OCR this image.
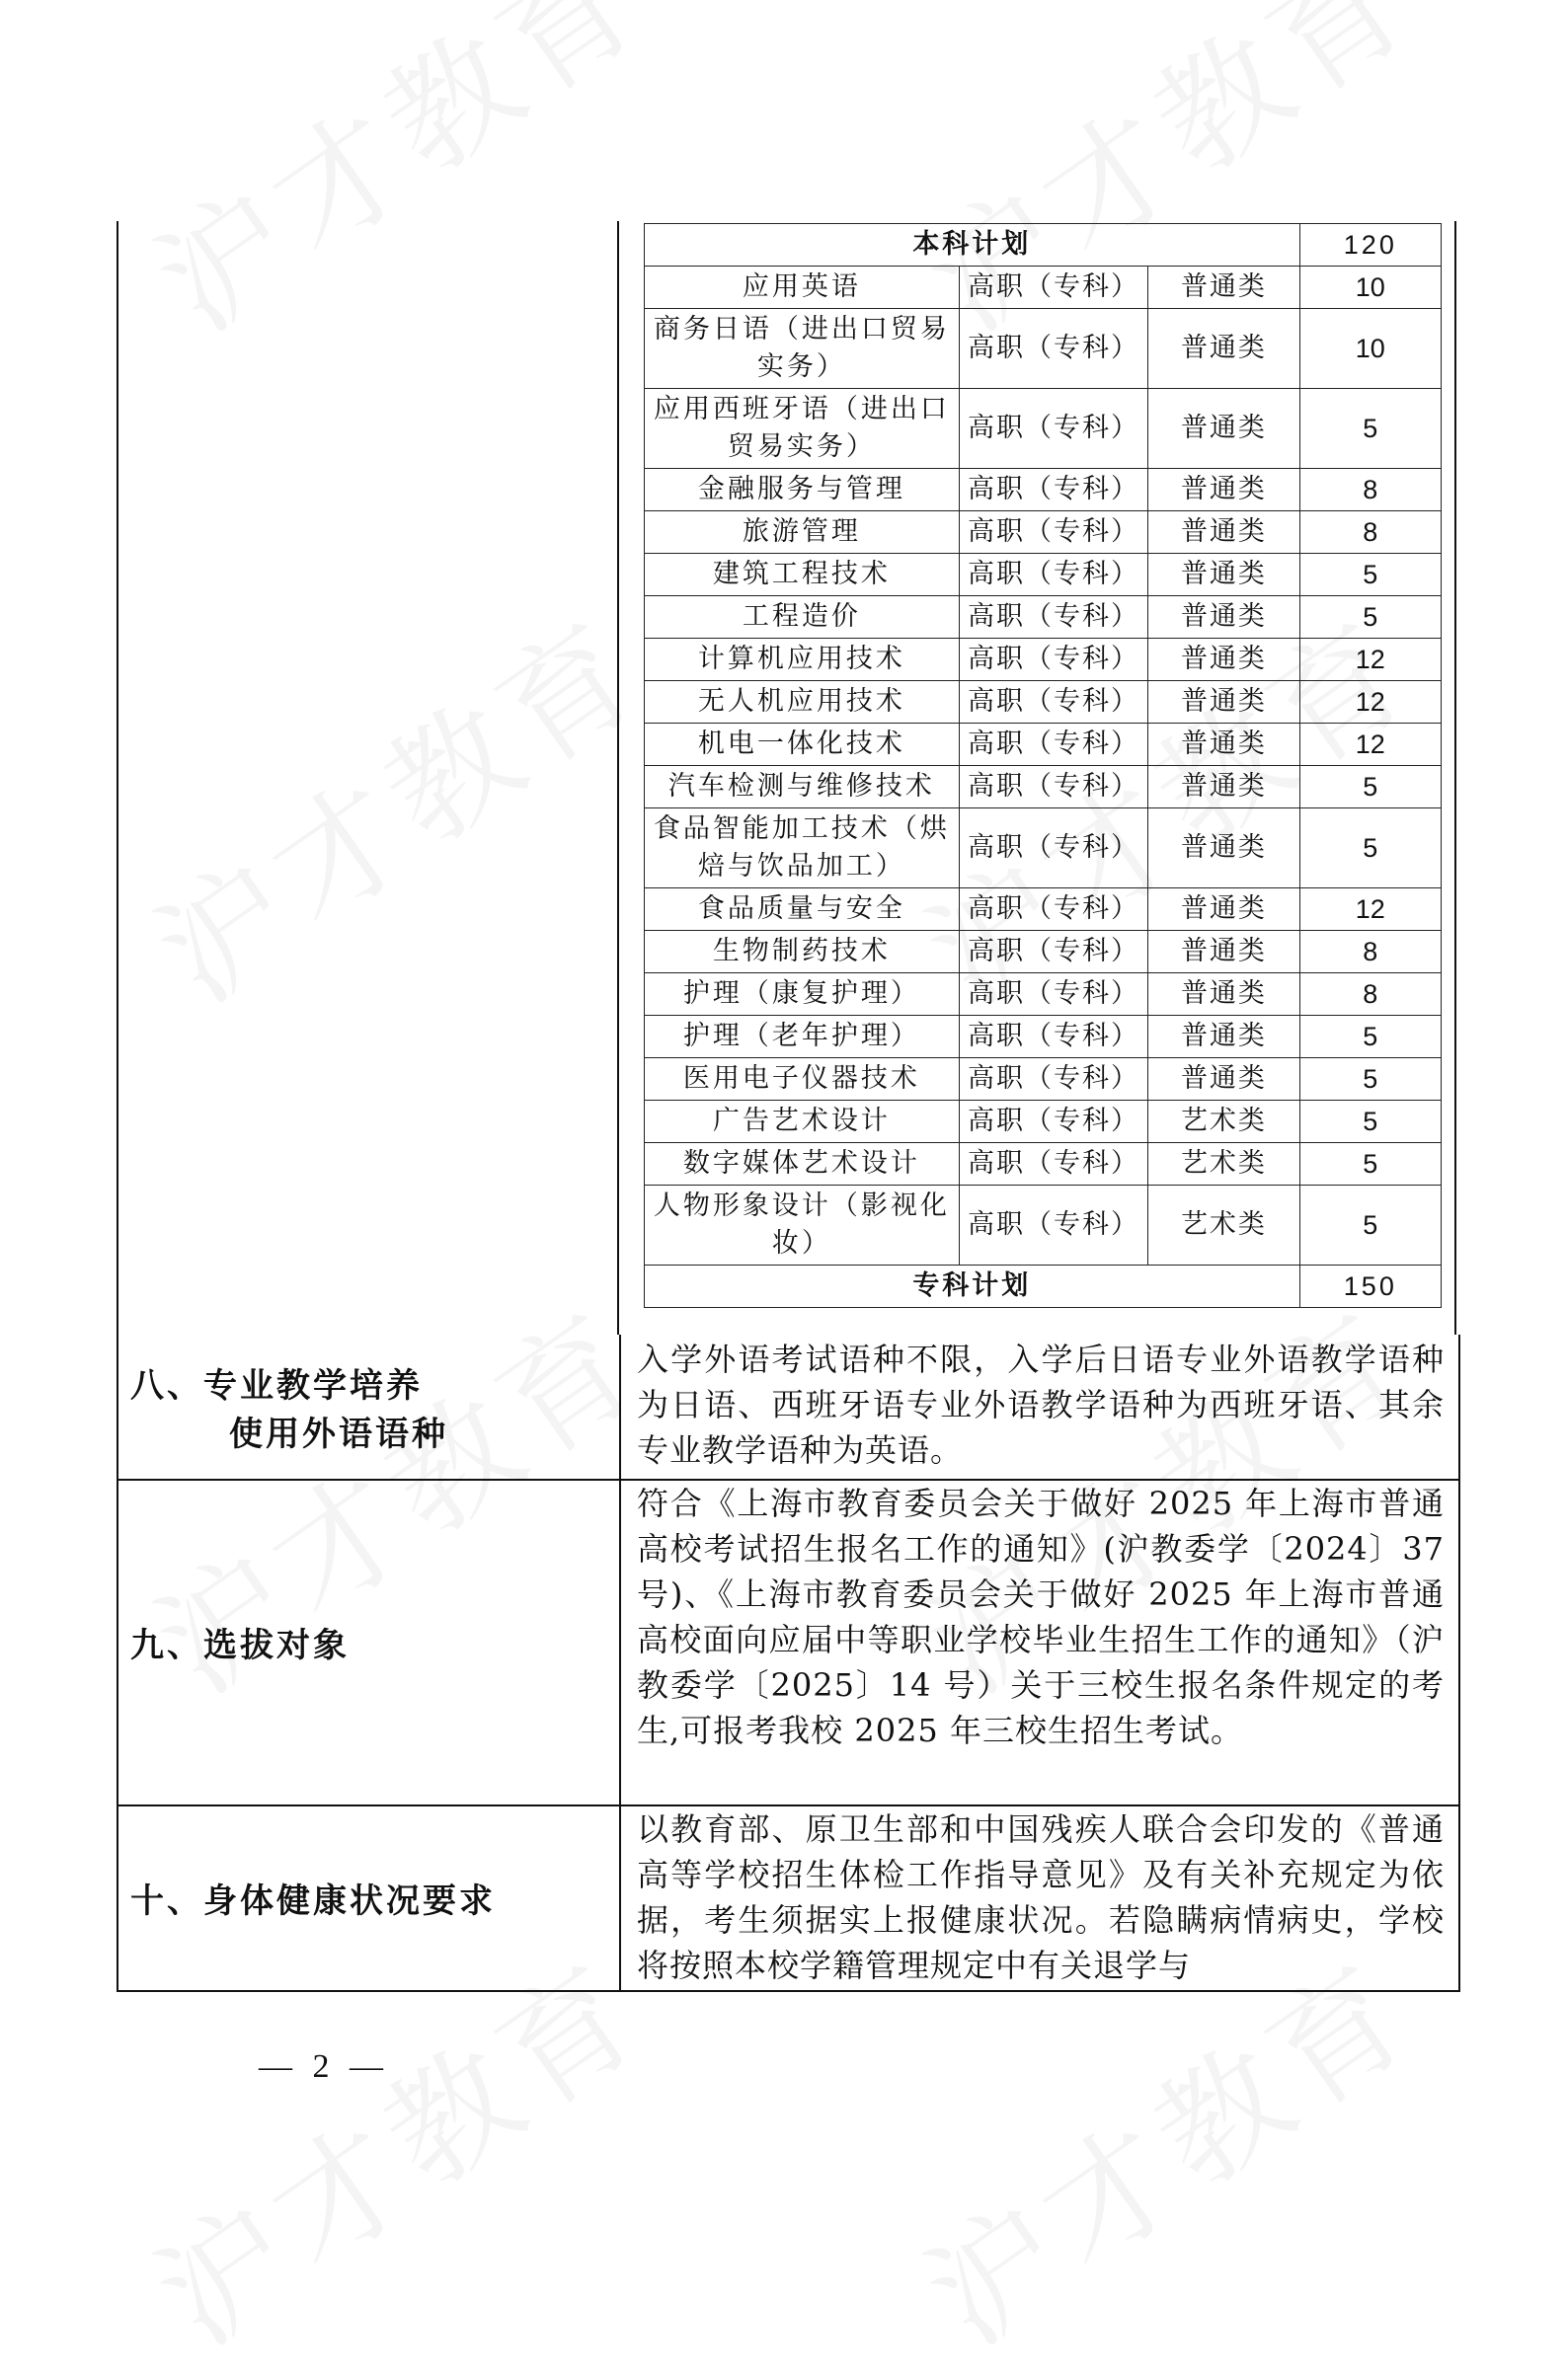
本科计划			120
应用英语	高职（专科）	普通类	10
商务日语（进出口贸易实务）	高职（专科）	普通类	10
应用西班牙语（进出口贸易实务）	高职（专科）	普通类	5
金融服务与管理	高职（专科）	普通类	8
旅游管理	高职（专科）	普通类	8
建筑工程技术	高职（专科）	普通类	5
工程造价	高职（专科）	普通类	5
计算机应用技术	高职（专科）	普通类	12
无人机应用技术	高职（专科）	普通类	12
机电一体化技术	高职（专科）	普通类	12
汽车检测与维修技术	高职（专科）	普通类	5
食品智能加工技术（烘焙与饮品加工）	高职（专科）	普通类	5
食品质量与安全	高职（专科）	普通类	12
生物制药技术	高职（专科）	普通类	8
护理（康复护理）	高职（专科）	普通类	8
护理（老年护理）	高职（专科）	普通类	5
医用电子仪器技术	高职（专科）	普通类	5
广告艺术设计	高职（专科）	艺术类	5
数字媒体艺术设计	高职（专科）	艺术类	5
人物形象设计（影视化妆）	高职（专科）	艺术类	5
专科计划			150
八、专业教学培养
使用外语语种
入学外语考试语种不限，入学后日语专业外语教学语种为日语、西班牙语专业外语教学语种为西班牙语、其余专业教学语种为英语。
九、选拔对象
符合《上海市教育委员会关于做好 2025 年上海市普通高校考试招生报名工作的通知》(沪教委学〔2024〕37 号)、《上海市教育委员会关于做好 2025 年上海市普通高校面向应届中等职业学校毕业生招生工作的通知》（沪教委学〔2025〕14 号）关于三校生报名条件规定的考生,可报考我校 2025 年三校生招生考试。
十、身体健康状况要求
以教育部、原卫生部和中国残疾人联合会印发的《普通高等学校招生体检工作指导意见》及有关补充规定为依据，考生须据实上报健康状况。若隐瞒病情病史，学校将按照本校学籍管理规定中有关退学与
— 2 —
